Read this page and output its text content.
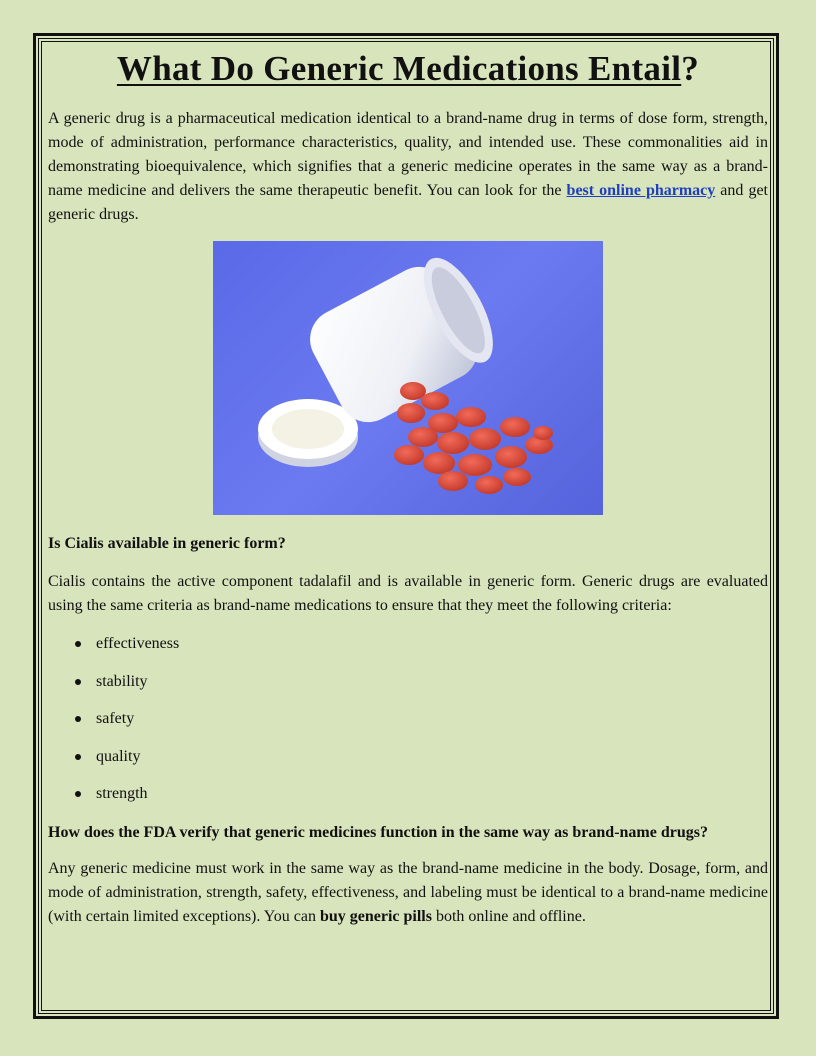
What Do Generic Medications Entail?

A generic drug is a pharmaceutical medication identical to a brand-name drug in terms of dose form, strength, mode of administration, performance characteristics, quality, and intended use. These commonalities aid in demonstrating bioequivalence, which signifies that a generic medicine operates in the same way as a brand-name medicine and delivers the same therapeutic benefit. You can look for the best online pharmacy and get generic drugs.

Is Cialis available in generic form?

Cialis contains the active component tadalafil and is available in generic form. Generic drugs are evaluated using the same criteria as brand-name medications to ensure that they meet the following criteria:

effectiveness
stability
safety
quality
strength

How does the FDA verify that generic medicines function in the same way as brand-name drugs?

Any generic medicine must work in the same way as the brand-name medicine in the body. Dosage, form, and mode of administration, strength, safety, effectiveness, and labeling must be identical to a brand-name medicine (with certain limited exceptions). You can buy generic pills both online and offline.
